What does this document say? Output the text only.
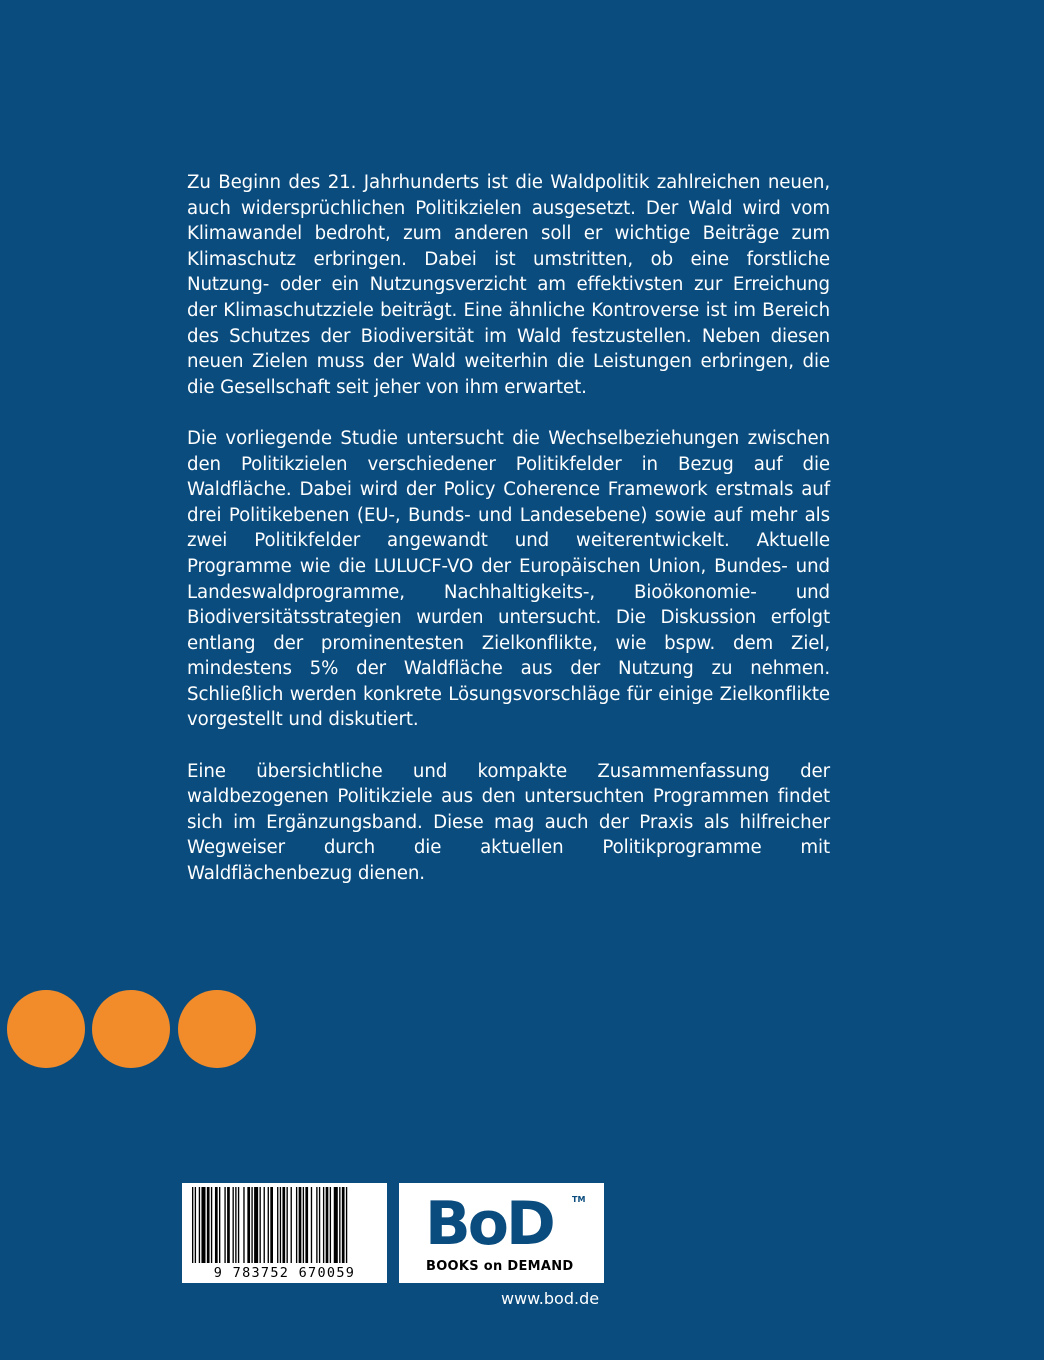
Zu Beginn des 21. Jahrhunderts ist die Waldpolitik zahlreichen neuen, auch widersprüchlichen Politikzielen ausgesetzt. Der Wald wird vom Klimawandel bedroht, zum anderen soll er wichtige Beiträge zum Klimaschutz erbringen. Dabei ist umstritten, ob eine forstliche Nutzung- oder ein Nutzungsverzicht am effektivsten zur Erreichung der Klimaschutzziele beiträgt. Eine ähnliche Kontroverse ist im Bereich des Schutzes der Biodiversität im Wald festzustellen. Neben diesen neuen Zielen muss der Wald weiterhin die Leistungen erbringen, die die Gesellschaft seit jeher von ihm erwartet.

Die vorliegende Studie untersucht die Wechselbeziehungen zwischen den Politikzielen verschiedener Politikfelder in Bezug auf die Waldfläche. Dabei wird der Policy Coherence Framework erstmals auf drei Politikebenen (EU-, Bunds- und Landesebene) sowie auf mehr als zwei Politikfelder angewandt und weiterentwickelt. Aktuelle Programme wie die LULUCF-VO der Europäischen Union, Bundes- und Landeswaldprogramme, Nachhaltigkeits-, Bioökonomie- und Biodiversitätsstrategien wurden untersucht. Die Diskussion erfolgt entlang der prominentesten Zielkonflikte, wie bspw. dem Ziel, mindestens 5% der Waldfläche aus der Nutzung zu nehmen. Schließlich werden konkrete Lösungsvorschläge für einige Zielkonflikte vorgestellt und diskutiert.

Eine übersichtliche und kompakte Zusammenfassung der waldbezogenen Politikziele aus den untersuchten Programmen findet sich im Ergänzungsband. Diese mag auch der Praxis als hilfreicher Wegweiser durch die aktuellen Politikprogramme mit Waldflächenbezug dienen.

9 783752 670059
BoD TM
BOOKS on DEMAND
www.bod.de
